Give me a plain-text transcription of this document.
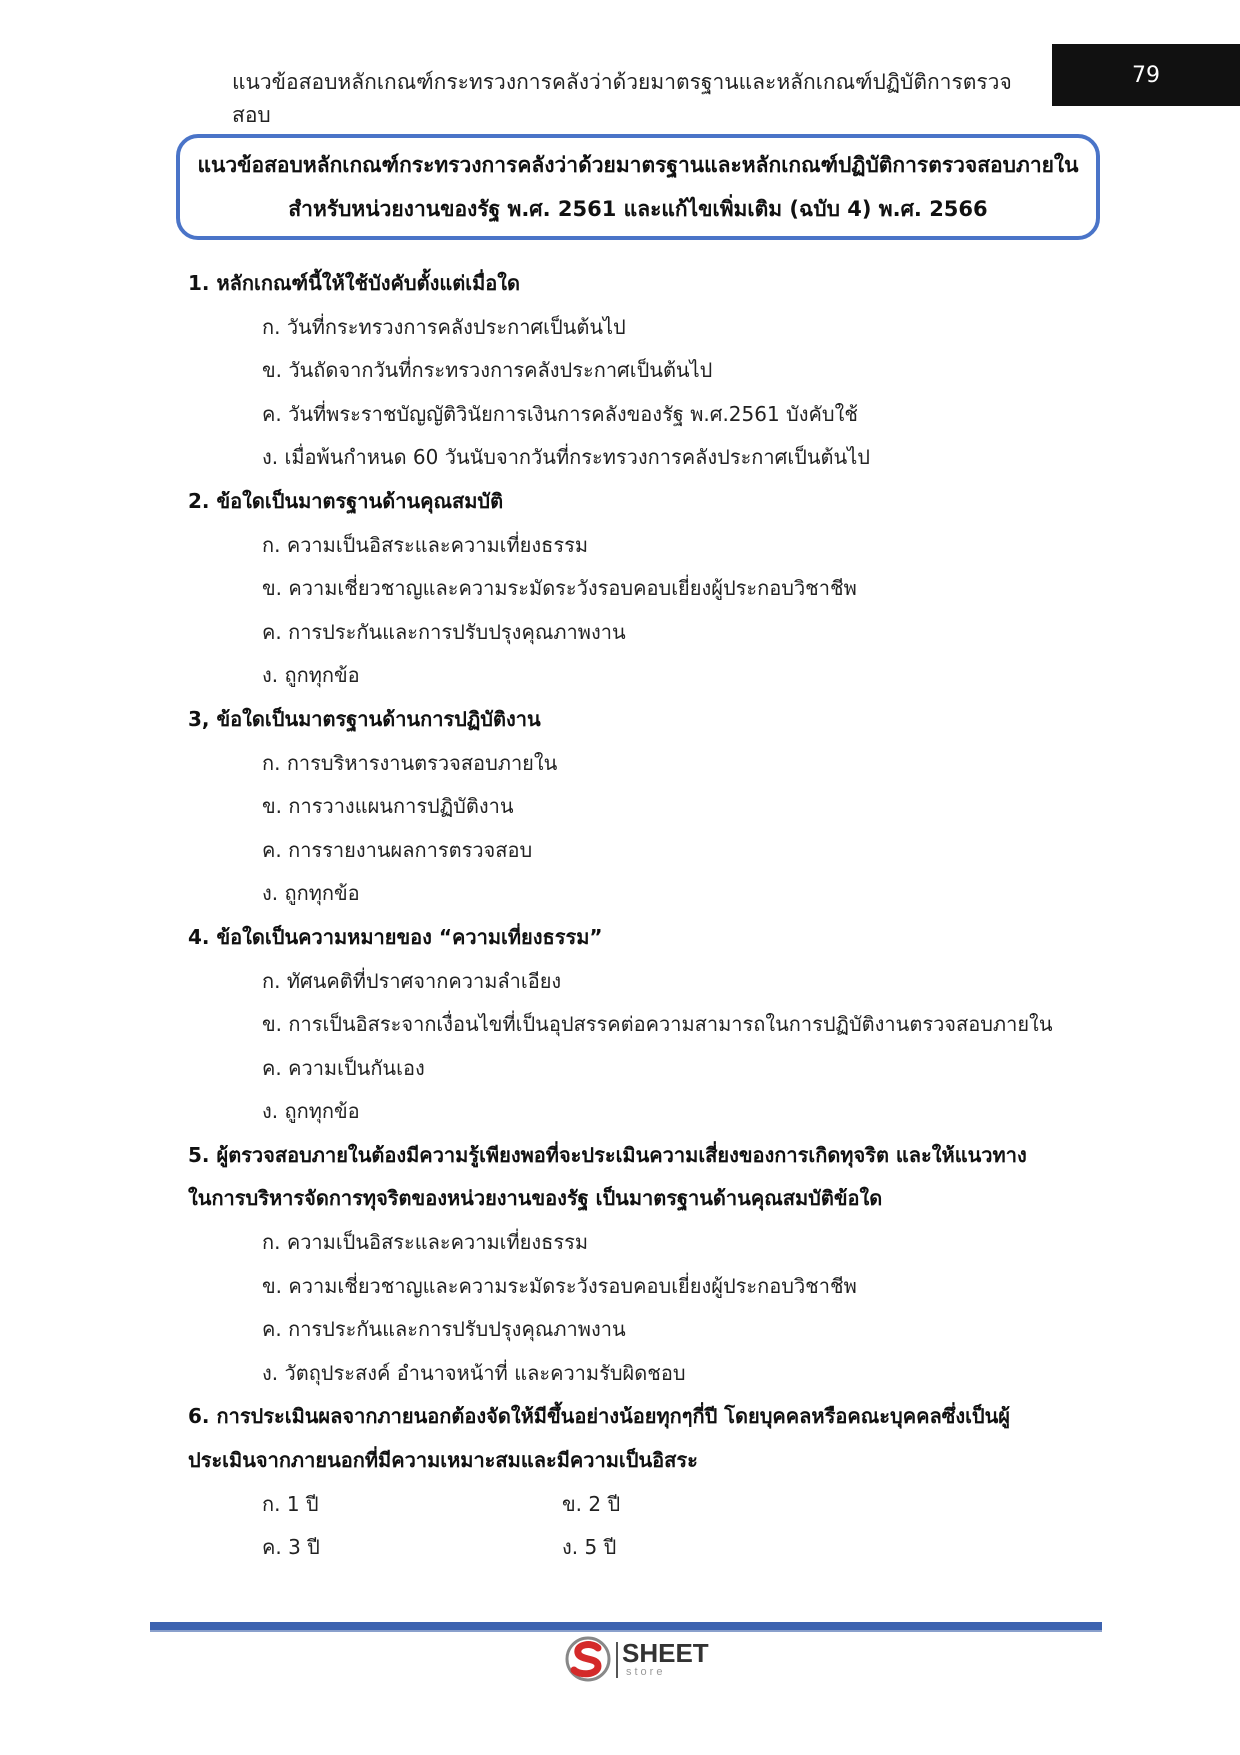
แนวข้อสอบหลักเกณฑ์กระทรวงการคลังว่าด้วยมาตรฐานและหลักเกณฑ์ปฏิบัติการตรวจสอบ
79
แนวข้อสอบหลักเกณฑ์กระทรวงการคลังว่าด้วยมาตรฐานและหลักเกณฑ์ปฏิบัติการตรวจสอบภายใน
สำหรับหน่วยงานของรัฐ พ.ศ. 2561 และแก้ไขเพิ่มเติม (ฉบับ 4) พ.ศ. 2566
1. หลักเกณฑ์นี้ให้ใช้บังคับตั้งแต่เมื่อใด
ก. วันที่กระทรวงการคลังประกาศเป็นต้นไป
ข. วันถัดจากวันที่กระทรวงการคลังประกาศเป็นต้นไป
ค. วันที่พระราชบัญญัติวินัยการเงินการคลังของรัฐ พ.ศ.2561 บังคับใช้
ง. เมื่อพ้นกำหนด 60 วันนับจากวันที่กระทรวงการคลังประกาศเป็นต้นไป
2. ข้อใดเป็นมาตรฐานด้านคุณสมบัติ
ก. ความเป็นอิสระและความเที่ยงธรรม
ข. ความเชี่ยวชาญและความระมัดระวังรอบคอบเยี่ยงผู้ประกอบวิชาชีพ
ค. การประกันและการปรับปรุงคุณภาพงาน
ง. ถูกทุกข้อ
3, ข้อใดเป็นมาตรฐานด้านการปฏิบัติงาน
ก. การบริหารงานตรวจสอบภายใน
ข. การวางแผนการปฏิบัติงาน
ค. การรายงานผลการตรวจสอบ
ง. ถูกทุกข้อ
4. ข้อใดเป็นความหมายของ “ความเที่ยงธรรม”
ก. ทัศนคติที่ปราศจากความลำเอียง
ข. การเป็นอิสระจากเงื่อนไขที่เป็นอุปสรรคต่อความสามารถในการปฏิบัติงานตรวจสอบภายใน
ค. ความเป็นกันเอง
ง. ถูกทุกข้อ
5. ผู้ตรวจสอบภายในต้องมีความรู้เพียงพอที่จะประเมินความเสี่ยงของการเกิดทุจริต และให้แนวทาง
ในการบริหารจัดการทุจริตของหน่วยงานของรัฐ เป็นมาตรฐานด้านคุณสมบัติข้อใด
ก. ความเป็นอิสระและความเที่ยงธรรม
ข. ความเชี่ยวชาญและความระมัดระวังรอบคอบเยี่ยงผู้ประกอบวิชาชีพ
ค. การประกันและการปรับปรุงคุณภาพงาน
ง. วัตถุประสงค์ อำนาจหน้าที่ และความรับผิดชอบ
6. การประเมินผลจากภายนอกต้องจัดให้มีขึ้นอย่างน้อยทุกๆกี่ปี โดยบุคคลหรือคณะบุคคลซึ่งเป็นผู้
ประเมินจากภายนอกที่มีความเหมาะสมและมีความเป็นอิสระ
ก. 1 ปี	ข. 2 ปี
ค. 3 ปี	ง. 5 ปี
SHEET
store
